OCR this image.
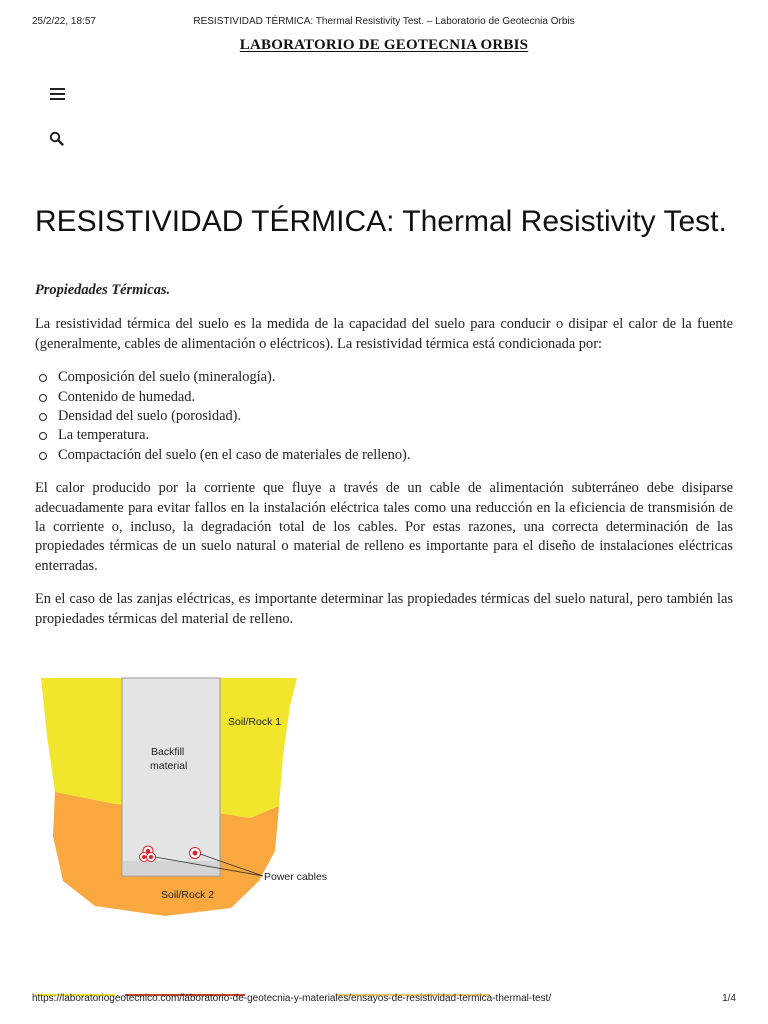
25/2/22, 18:57	RESISTIVIDAD TÉRMICA: Thermal Resistivity Test. – Laboratorio de Geotecnia Orbis
LABORATORIO DE GEOTECNIA ORBIS
RESISTIVIDAD TÉRMICA: Thermal Resistivity Test.

Propiedades Térmicas.

La resistividad térmica del suelo es la medida de la capacidad del suelo para conducir o disipar el calor de la fuente (generalmente, cables de alimentación o eléctricos). La resistividad térmica está condicionada por:

Composición del suelo (mineralogía).
Contenido de humedad.
Densidad del suelo (porosidad).
La temperatura.
Compactación del suelo (en el caso de materiales de relleno).

El calor producido por la corriente que fluye a través de un cable de alimentación subterráneo debe disiparse adecuadamente para evitar fallos en la instalación eléctrica tales como una reducción en la eficiencia de transmisión de la corriente o, incluso, la degradación total de los cables. Por estas razones, una correcta determinación de las propiedades térmicas de un suelo natural o material de relleno es importante para el diseño de instalaciones eléctricas enterradas.

En el caso de las zanjas eléctricas, es importante determinar las propiedades térmicas del suelo natural, pero también las propiedades térmicas del material de relleno.

Soil/Rock 1
Backfill
material
Power cables
Soil/Rock 2
https://laboratoriogeotecnico.com/laboratorio-de-geotecnia-y-materiales/ensayos-de-resistividad-termica-thermal-test/	1/4
